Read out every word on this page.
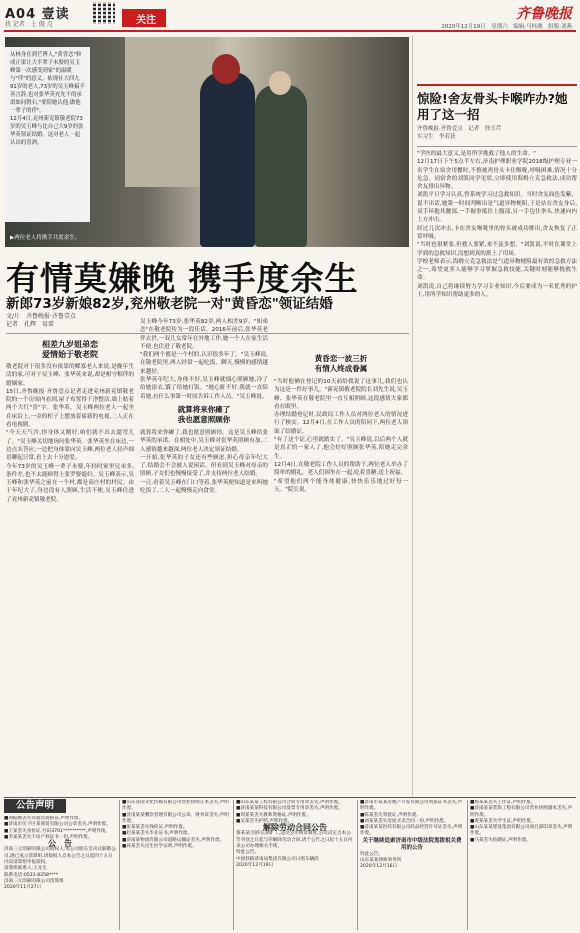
A04 壹读
扰 记者　上 傲 点	关注	齐鲁晚报
2020年12月19日　星期六　编辑:马桂潍　组版:刘燕
从林身在到芒博人,"黄昏恋"修成正果让大半辈子未娶的吴玉峰第一次感受到家"的温暖与"伴"的意义。依现社大四九91岁的老人,73岁的吴玉峰搞不善言辞,也对张华英充先不的承诺如同磐石,"要陪她认他,做他一辈子的伴"。
12月4日,兖州新兖镇敬老院73岁的吴玉峰与比自己大9岁的张华英领证结婚。这对老人一起认出的喜酒。
▶两位老人将携手共度余生。
有情莫嫌晚 携手度余生
新郎73岁新娘82岁,兖州敬老院一对"黄昏恋"领证结婚
文/片　齐鲁晚报·齐鲁壹点
记者　孔辉　易雷
相差九岁姐弟恋
爱情始于敬老院
敬老院对于很多没有依靠的鳏寡老人来说,是晚年生活的家,可对于吴玉峰、张华英来说,却是相守相伴的婚姻家。
15日,齐鲁晚报·齐鲁壹点记者走进兖州新兖镇敬老院的一个房间内看到,屋子布置得干净整洁,墙上贴着两个大红"喜"字。张华英、吴玉峰两位老人一起坐在床沿上,一旁的柜子上摆放着崭新的电视,二人正在看电视剧。
"今天天气冷,你身体又刚好,咱们就不出去遛弯儿了。"吴玉峰关切地询问张华英。张华英坐在床边,一边点头答应,一边把身体靠向吴玉峰,两位老人轻声细语聊起日常,看上去十分恩爱。
今年73岁的吴玉峰一辈子未娶,年轻时家里兄弟多,条件差,也不太能顾得上张罗娶媳妇。吴玉峰表示,吴玉峰和张华英之前在一个村,都是高庄村的村民。由于年纪大了,身边没有人照顾,生活不便,吴玉峰住进了兖州新兖镇敬老院。
吴玉峰今年73岁,张华英82岁,两人相差9岁。"姐弟恋"在敬老院传为一段佳话。2016年前后,张华英老伴去世,一双儿女常年在外地工作,她一个人在家生活不便,也住进了敬老院。
"我们两个都是一个村的,认识很多年了。"吴玉峰说,在敬老院里,两人经常一起吃饭、聊天,慢慢的感情越来越好。
张华英年纪大,身体不好,吴玉峰就细心照顾她,冷了给她添衣,饿了给她打饭。"她心脏不好,我就一直陪着她,有什么事第一时间告诉工作人员。"吴玉峰说。
就算将来你瘫了
我也愿意照顾你
就算将来你瘫了,我也愿意照顾你。这是吴玉峰给张华英的承诺。在相处中,吴玉峰对张华英照顾有加,二人感情越来越深,两位老人决定领证结婚。
一开始,张华英的子女还有些顾虑,担心母亲年纪大了,结婚会不会被人说闲话。但看到吴玉峰对母亲的照顾,子女们也慢慢接受了,并支持两位老人结婚。
一日,看着吴玉峰在门口等着,张华英便知道是来叫她吃饭了,二人一起慢慢走向食堂。
黄昏恋一波三折
有情人终成眷属
"当时他俩在登记的10天前给我说了这事儿,我们也认为这是一件好事儿。"新兖镇敬老院院长刘先生说,吴玉峰、张华英在敬老院里一直互相照顾,这段感情大家都看在眼里。
办理结婚登记时,民政局工作人员对两位老人的情况进行了核实。12月4日,在工作人员的陪同下,两位老人领取了结婚证。
"有了这个证,心里就踏实了。"吴玉峰说,以后两个人就是真正的一家人了,他会好好照顾张华英,陪她走完余生。
12月4日,在敬老院工作人员的帮助下,两位老人举办了简单的婚礼。老人们围坐在一起,吃着喜糖,送上祝福。
"希望他们两个能身体健康,快快乐乐地过好每一天。"院长说。
惊险!舍友骨头卡喉咋办?她用了这一招
齐鲁晚报·齐鲁壹点　记者　徐玉芹
实习生　李若获
"学医的最大意义,是用所学挽救了他人的生命。"
12月17日下午5点半左右,济南护理职业学院2018级护理专业一名学生在宿舍用餐时,不慎被鸡骨头卡住喉咙,呼吸困难,情况十分危急。同宿舍的刘凯同学见状,立即使用海姆立克急救法,成功帮舍友排出异物。
刘凯平日学习认真,曾系统学习过急救知识。当时舍友面色发紫、说不出话,她第一时间判断出是气道异物梗阻,于是站在舍友身后,双手环抱其腰部,一手握拳抵住上腹部,另一手包住拳头,快速向内上方冲击。
经过几次冲击,卡在舍友喉咙里的骨头被成功排出,舍友恢复了正常呼吸。
"当时也很紧张,但救人要紧,来不及多想。"刘凯说,平时在课堂上学到的急救知识,没想到真的派上了用场。
学校老师表示,海姆立克急救法是气道异物梗阻最有效的急救方法之一,希望更多人能够学习掌握急救技能,关键时刻能够挽救生命。
刘凯说,自己将继续努力学习专业知识,今后要成为一名优秀的护士,用所学知识帮助更多的人。
公告声明
■刘振刚丢失驾驶员资格证,声明作废。
■济南市历下区某商贸有限公司公章丢失,声明作废。
■王某丢失身份证,号码3701**********,声明作废。
■李某某丢失不动产权证书一份,声明作废。
公　告
济南三元印刷有限公司债权人:本公司股东会决议解散公司,现已成立清算组,请债权人自本公告之日起四十五日内向清算组申报债权。
清算组联系人:王先生
联系电话:0531-8258****
济南三元印刷有限公司清算组
2020年11月27日
■山东谷雨文化传媒有限公司营业执照正本丢失,声明作废。
■济南某某餐饮管理有限公司公章、财务章丢失,声明作废。
■张某某丢失残疾证,声明作废。
■赵某某丢失毕业证书,声明作废。
■济南某物流有限公司道路运输证丢失,声明作废。
■孙某丢失出生医学证明,声明作废。
■山东某某工程有限公司合同专用章丢失,声明作废。
■济南某某科技有限公司发票专用章丢失,声明作废。
■周某某丢失教师资格证,声明作废。
■吴某丢失护照,声明作废。
解除劳动合同公告
鲁某某:因你长期旷工,违反公司规章制度,公司决定自本公告刊登之日起与你解除劳动合同,请于公告之日起十五日内来公司办理相关手续。
特此公告。
中国铁路济南局集团有限公司日照车辆段
2020年12月19日
■济南市某某房地产开发有限公司资质证书丢失,声明作废。
■陈某丢失驾驶证,声明作废。
■刘某某丢失房屋买卖合同一份,声明作废。
■济南某某医药有限公司药品经营许可证丢失,声明作废。
关于继续追索济南市中级法院划拨相关费用的公告
特此公告。
山东某某律师事务所
2020年12月16日
■杨某某丢失工作证,声明作废。
■济南某某装饰工程有限公司营业执照副本丢失,声明作废。
■黄某某丢失学生证,声明作废。
■山东某某建设集团有限公司项目部印章丢失,声明作废。
■马某丢失结婚证,声明作废。
